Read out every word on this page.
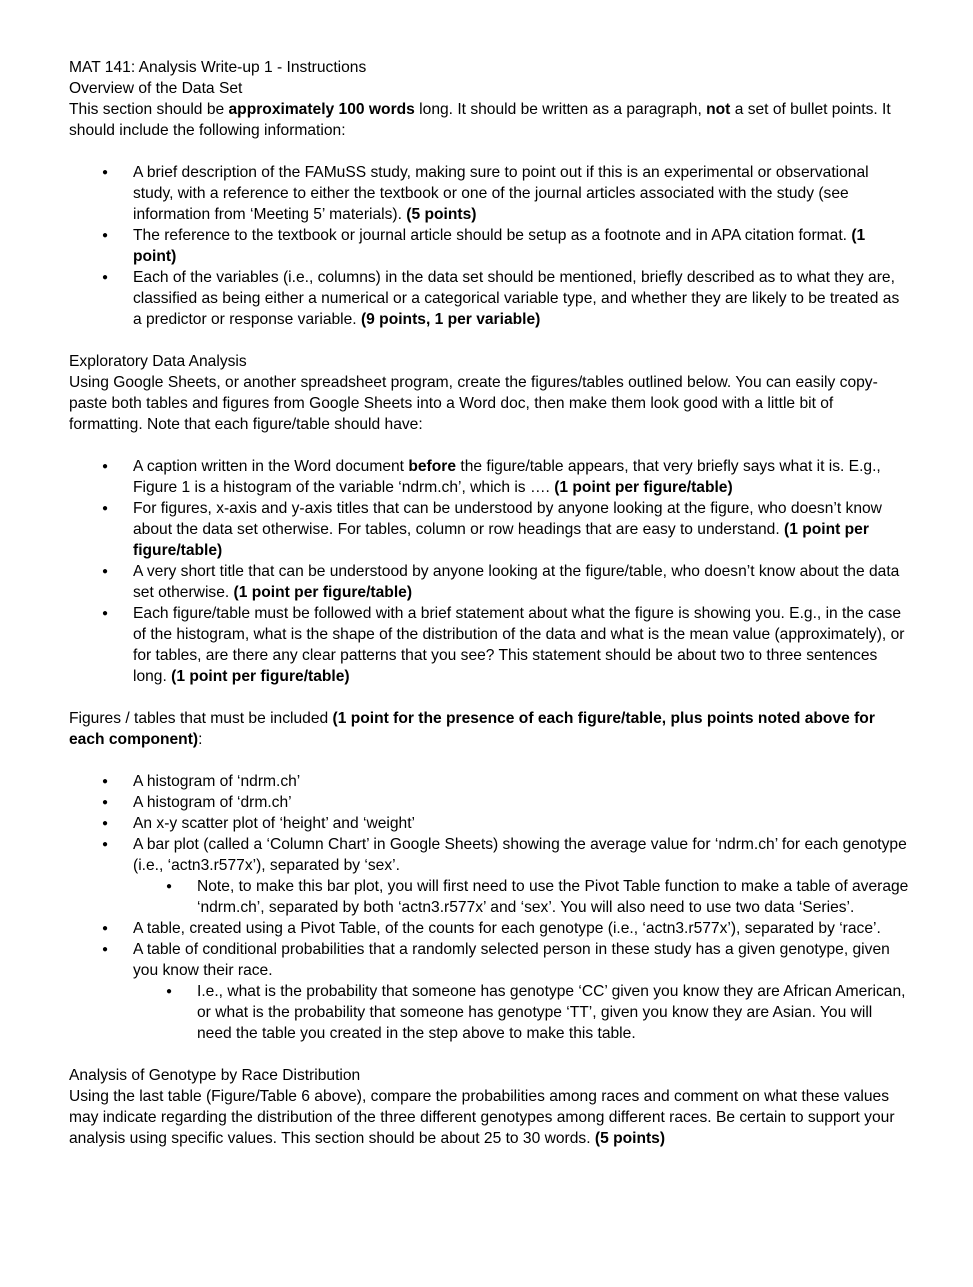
MAT 141: Analysis Write-up 1 - Instructions

Overview of the Data Set

This section should be approximately 100 words long. It should be written as a paragraph, not a set of bullet points. It should include the following information:

● A brief description of the FAMuSS study, making sure to point out if this is an experimental or observational study, with a reference to either the textbook or one of the journal articles associated with the study (see information from ‘Meeting 5’ materials). (5 points)
● The reference to the textbook or journal article should be setup as a footnote and in APA citation format. (1 point)
● Each of the variables (i.e., columns) in the data set should be mentioned, briefly described as to what they are, classified as being either a numerical or a categorical variable type, and whether they are likely to be treated as a predictor or response variable. (9 points, 1 per variable)

Exploratory Data Analysis

Using Google Sheets, or another spreadsheet program, create the figures/tables outlined below. You can easily copy-paste both tables and figures from Google Sheets into a Word doc, then make them look good with a little bit of formatting. Note that each figure/table should have:

● A caption written in the Word document before the figure/table appears, that very briefly says what it is. E.g., Figure 1 is a histogram of the variable ‘ndrm.ch’, which is …. (1 point per figure/table)
● For figures, x-axis and y-axis titles that can be understood by anyone looking at the figure, who doesn’t know about the data set otherwise. For tables, column or row headings that are easy to understand. (1 point per figure/table)
● A very short title that can be understood by anyone looking at the figure/table, who doesn’t know about the data set otherwise. (1 point per figure/table)
● Each figure/table must be followed with a brief statement about what the figure is showing you. E.g., in the case of the histogram, what is the shape of the distribution of the data and what is the mean value (approximately), or for tables, are there any clear patterns that you see? This statement should be about two to three sentences long. (1 point per figure/table)

Figures / tables that must be included (1 point for the presence of each figure/table, plus points noted above for each component):

● A histogram of ‘ndrm.ch’
● A histogram of ‘drm.ch’
● An x-y scatter plot of ‘height’ and ‘weight’
● A bar plot (called a ‘Column Chart’ in Google Sheets) showing the average value for ‘ndrm.ch’ for each genotype (i.e., ‘actn3.r577x’), separated by ‘sex’.
● Note, to make this bar plot, you will first need to use the Pivot Table function to make a table of average ‘ndrm.ch’, separated by both ‘actn3.r577x’ and ‘sex’. You will also need to use two data ‘Series’.
● A table, created using a Pivot Table, of the counts for each genotype (i.e., ‘actn3.r577x’), separated by ‘race’.
● A table of conditional probabilities that a randomly selected person in these study has a given genotype, given you know their race.
● I.e., what is the probability that someone has genotype ‘CC’ given you know they are African American, or what is the probability that someone has genotype ‘TT’, given you know they are Asian. You will need the table you created in the step above to make this table.

Analysis of Genotype by Race Distribution

Using the last table (Figure/Table 6 above), compare the probabilities among races and comment on what these values may indicate regarding the distribution of the three different genotypes among different races. Be certain to support your analysis using specific values. This section should be about 25 to 30 words. (5 points)
